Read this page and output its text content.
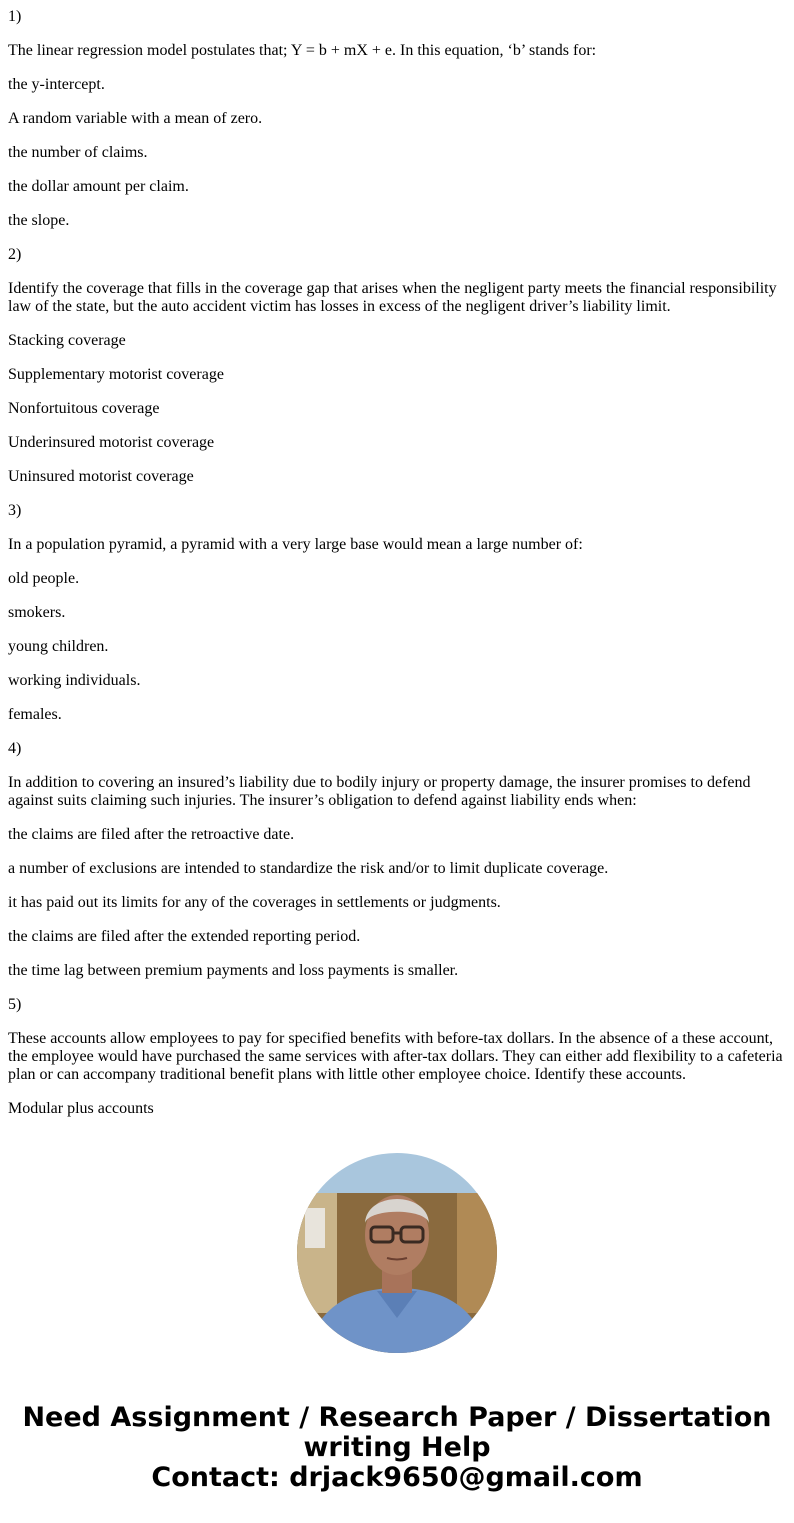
1)

The linear regression model postulates that; Y = b + mX + e. In this equation, ‘b’ stands for:

the y-intercept.

A random variable with a mean of zero.

the number of claims.

the dollar amount per claim.

the slope.

2)

Identify the coverage that fills in the coverage gap that arises when the negligent party meets the financial responsibility law of the state, but the auto accident victim has losses in excess of the negligent driver’s liability limit.

Stacking coverage

Supplementary motorist coverage

Nonfortuitous coverage

Underinsured motorist coverage

Uninsured motorist coverage

3)

In a population pyramid, a pyramid with a very large base would mean a large number of:

old people.

smokers.

young children.

working individuals.

females.

4)

In addition to covering an insured’s liability due to bodily injury or property damage, the insurer promises to defend against suits claiming such injuries. The insurer’s obligation to defend against liability ends when:

the claims are filed after the retroactive date.

a number of exclusions are intended to standardize the risk and/or to limit duplicate coverage.

it has paid out its limits for any of the coverages in settlements or judgments.

the claims are filed after the extended reporting period.

the time lag between premium payments and loss payments is smaller.

5)

These accounts allow employees to pay for specified benefits with before-tax dollars. In the absence of a these account, the employee would have purchased the same services with after-tax dollars. They can either add flexibility to a cafeteria plan or can accompany traditional benefit plans with little other employee choice. Identify these accounts.

Modular plus accounts

Need Assignment / Research Paper / Dissertation
writing Help
Contact: drjack9650@gmail.com
